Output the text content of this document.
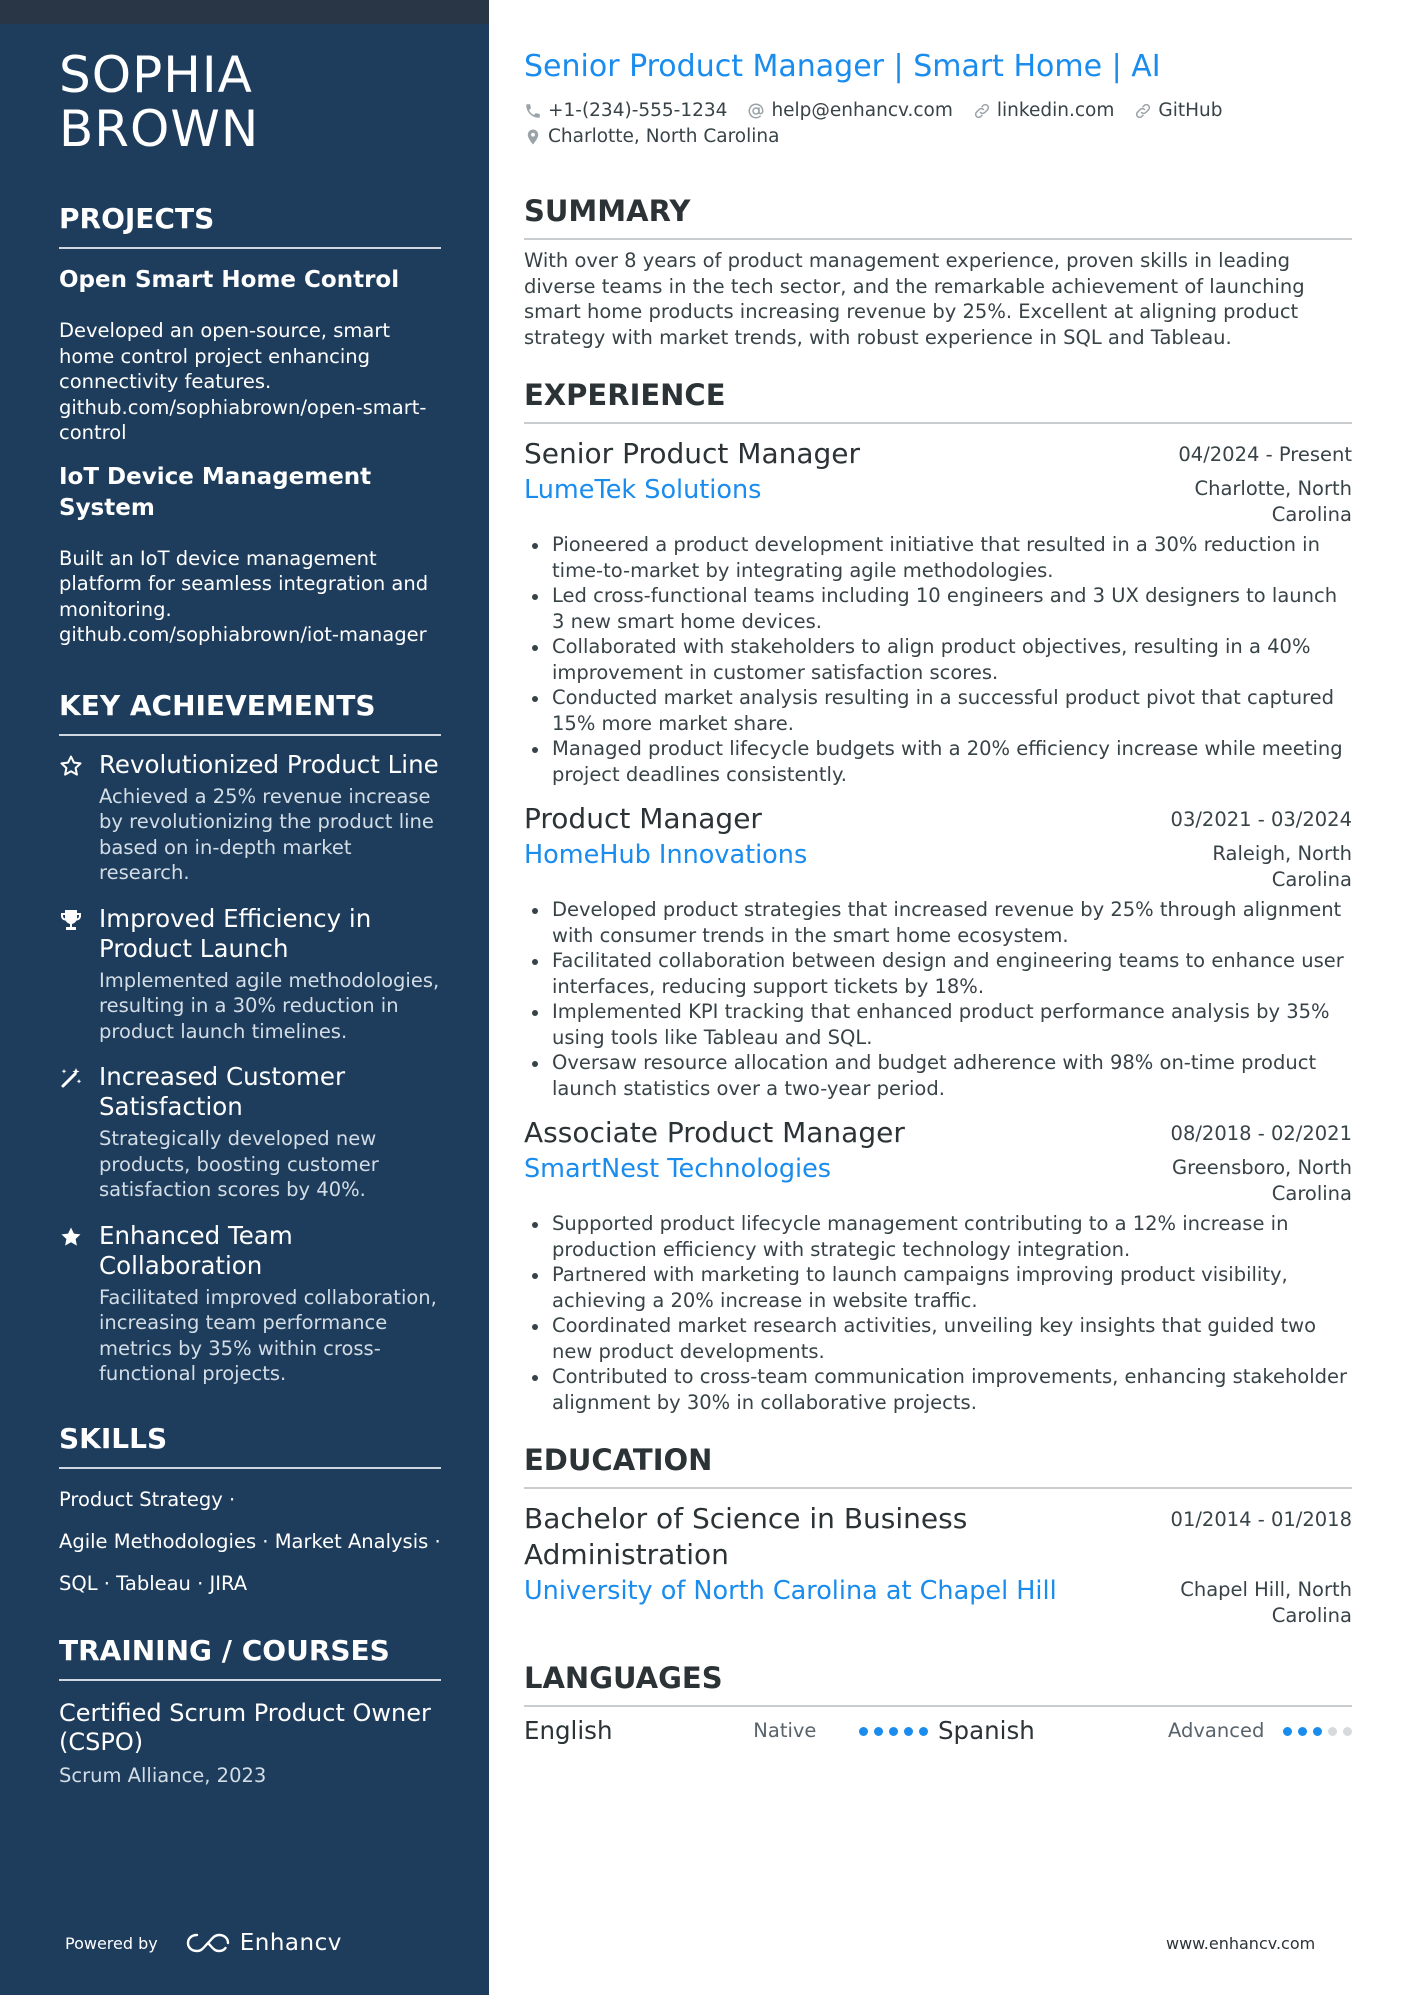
SOPHIA
BROWN
PROJECTS
Open Smart Home Control
Developed an open-source, smart home control project enhancing connectivity features. github.com/sophiabrown/open-smart-control
IoT Device Management System
Built an IoT device management platform for seamless integration and monitoring. github.com/sophiabrown/iot-manager
KEY ACHIEVEMENTS
Revolutionized Product Line
Achieved a 25% revenue increase by revolutionizing the product line based on in-depth market research.
Improved Efficiency in Product Launch
Implemented agile methodologies, resulting in a 30% reduction in product launch timelines.
Increased Customer Satisfaction
Strategically developed new products, boosting customer satisfaction scores by 40%.
Enhanced Team Collaboration
Facilitated improved collaboration, increasing team performance metrics by 35% within cross-functional projects.
SKILLS
Product Strategy ·
Agile Methodologies · Market Analysis ·
SQL · Tableau · JIRA
TRAINING / COURSES
Certified Scrum Product Owner (CSPO)
Scrum Alliance, 2023
Powered by	Enhancv
Senior Product Manager | Smart Home | AI
+1-(234)-555-1234 help@enhancv.com linkedin.com GitHub
Charlotte, North Carolina
SUMMARY

With over 8 years of product management experience, proven skills in leading diverse teams in the tech sector, and the remarkable achievement of launching smart home products increasing revenue by 25%. Excellent at aligning product strategy with market trends, with robust experience in SQL and Tableau.

EXPERIENCE
Senior Product Manager	04/2024 - Present
LumeTek Solutions	Charlotte, North Carolina
Pioneered a product development initiative that resulted in a 30% reduction in time-to-market by integrating agile methodologies.
Led cross-functional teams including 10 engineers and 3 UX designers to launch 3 new smart home devices.
Collaborated with stakeholders to align product objectives, resulting in a 40% improvement in customer satisfaction scores.
Conducted market analysis resulting in a successful product pivot that captured 15% more market share.
Managed product lifecycle budgets with a 20% efficiency increase while meeting project deadlines consistently.
Product Manager	03/2021 - 03/2024
HomeHub Innovations	Raleigh, North Carolina
Developed product strategies that increased revenue by 25% through alignment with consumer trends in the smart home ecosystem.
Facilitated collaboration between design and engineering teams to enhance user interfaces, reducing support tickets by 18%.
Implemented KPI tracking that enhanced product performance analysis by 35% using tools like Tableau and SQL.
Oversaw resource allocation and budget adherence with 98% on-time product launch statistics over a two-year period.
Associate Product Manager	08/2018 - 02/2021
SmartNest Technologies	Greensboro, North Carolina
Supported product lifecycle management contributing to a 12% increase in production efficiency with strategic technology integration.
Partnered with marketing to launch campaigns improving product visibility, achieving a 20% increase in website traffic.
Coordinated market research activities, unveiling key insights that guided two new product developments.
Contributed to cross-team communication improvements, enhancing stakeholder alignment by 30% in collaborative projects.
EDUCATION
Bachelor of Science in Business Administration
01/2014 - 01/2018
University of North Carolina at Chapel Hill	Chapel Hill, North Carolina
LANGUAGES
English	Native	Spanish	Advanced
www.enhancv.com
